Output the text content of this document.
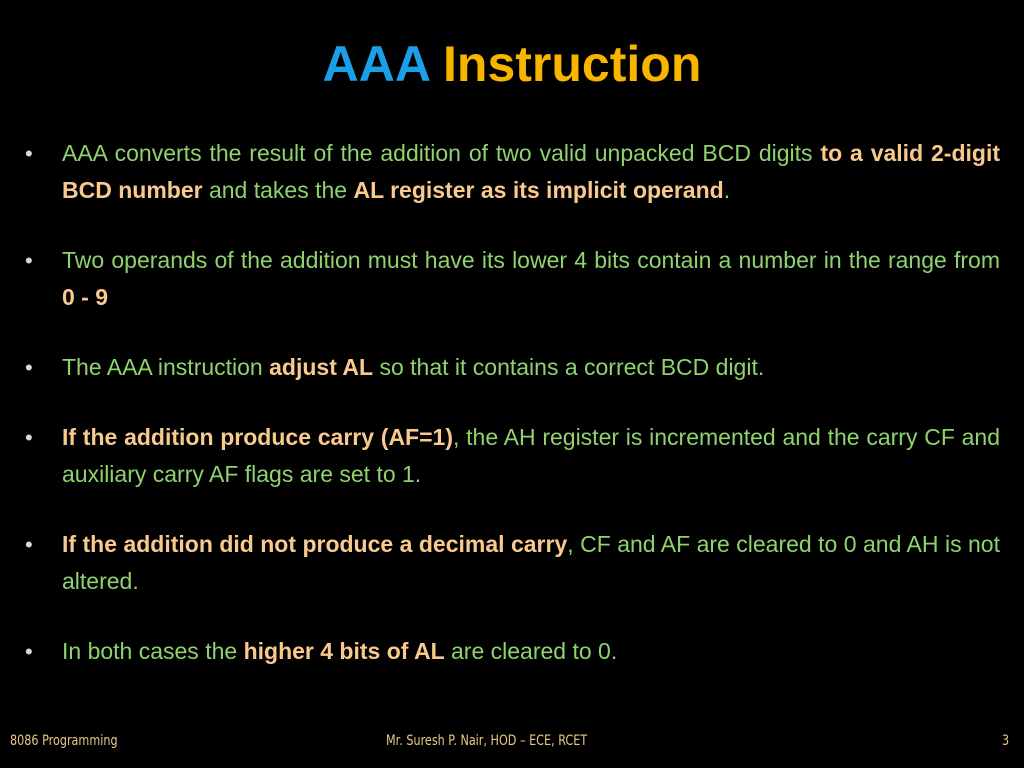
AAA Instruction
• AAA converts the result of the addition of two valid unpacked BCD digits to a valid 2-digit BCD number and takes the AL register as its implicit operand.
• Two operands of the addition must have its lower 4 bits contain a number in the range from 0 - 9
• The AAA instruction adjust AL so that it contains a correct BCD digit.
• If the addition produce carry (AF=1), the AH register is incremented and the carry CF and auxiliary carry AF flags are set to 1.
• If the addition did not produce a decimal carry, CF and AF are cleared to 0 and AH is not altered.
• In both cases the higher 4 bits of AL are cleared to 0.
8086 Programming	Mr. Suresh P. Nair, HOD – ECE, RCET	3
